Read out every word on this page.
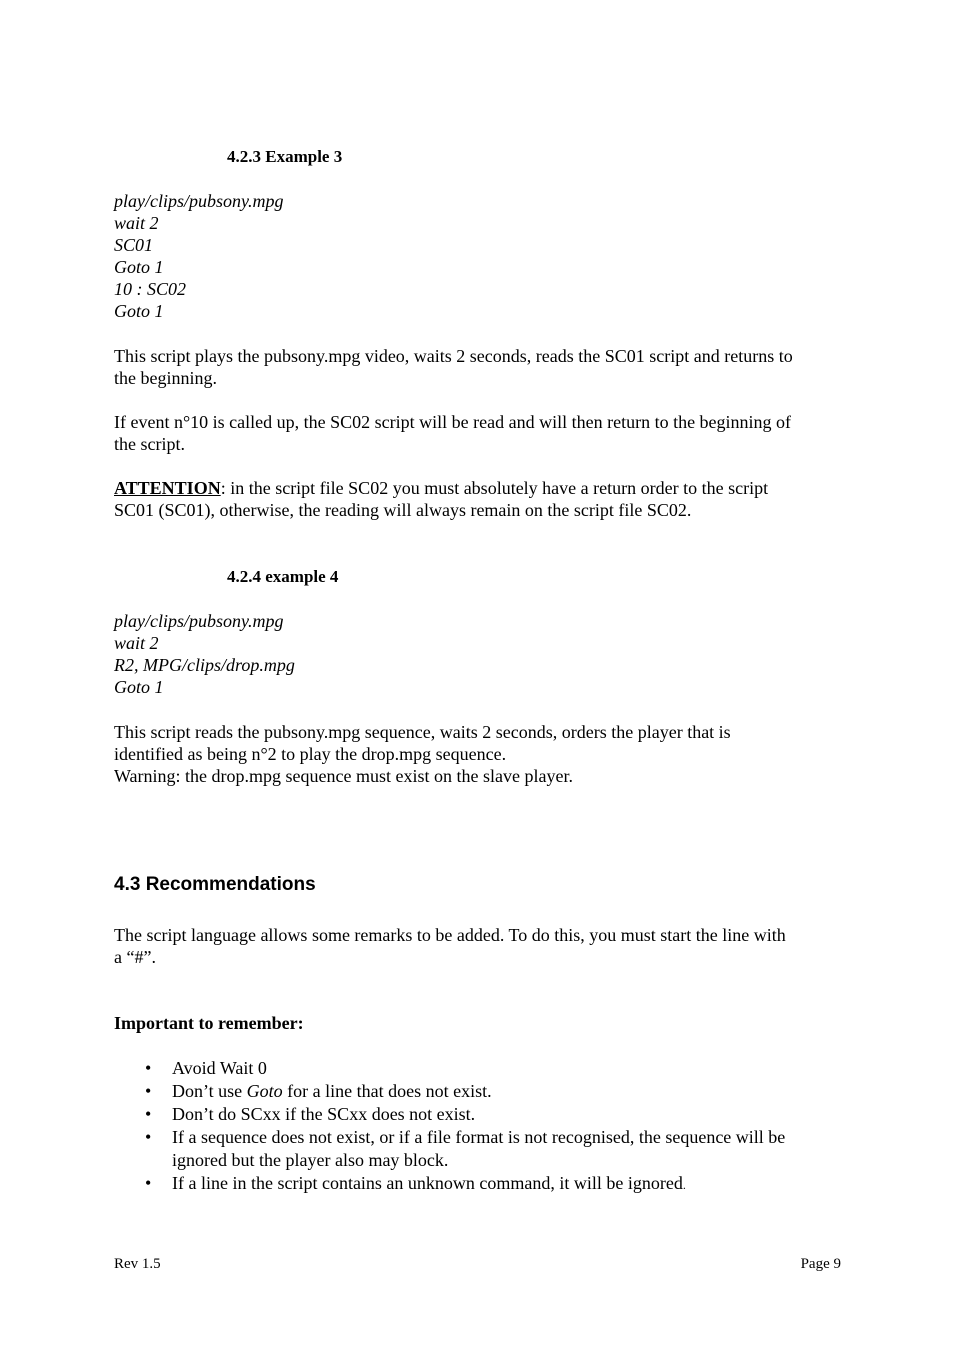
4.2.3 Example 3
play/clips/pubsony.mpg
wait 2
SC01
Goto 1
10 : SC02
Goto 1

This script plays the pubsony.mpg video, waits 2 seconds, reads the SC01 script and returns to
the beginning.

If event n°10 is called up, the SC02 script will be read and will then return to the beginning of
the script.

ATTENTION: in the script file SC02 you must absolutely have a return order to the script
SC01 (SC01), otherwise, the reading will always remain on the script file SC02.

4.2.4 example 4
play/clips/pubsony.mpg
wait 2
R2, MPG/clips/drop.mpg
Goto 1

This script reads the pubsony.mpg sequence, waits 2 seconds, orders the player that is
identified as being n°2 to play the drop.mpg sequence.
Warning: the drop.mpg sequence must exist on the slave player.

4.3 Recommendations

The script language allows some remarks to be added. To do this, you must start the line with
a “#”.

Important to remember:
• Avoid Wait 0
• Don’t use Goto for a line that does not exist.
• Don’t do SCxx if the SCxx does not exist.
• If a sequence does not exist, or if a file format is not recognised, the sequence will be
ignored but the player also may block.
• If a line in the script contains an unknown command, it will be ignored.
Rev 1.5	Page 9
